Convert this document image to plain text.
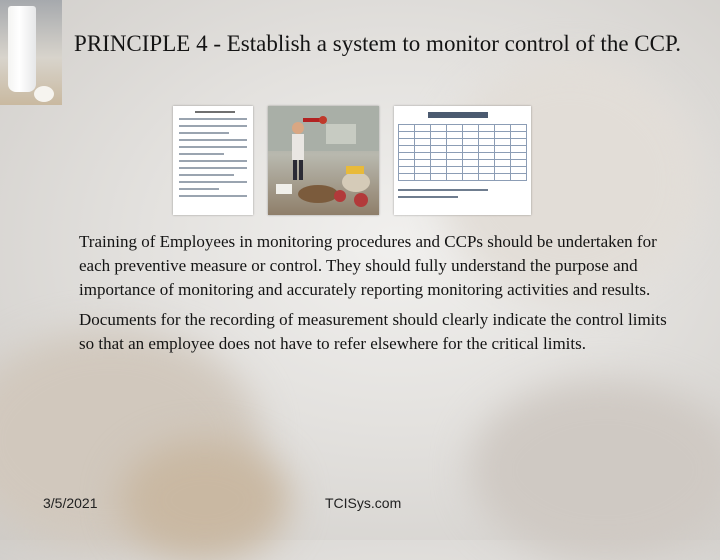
PRINCIPLE 4 - Establish a system to monitor control of the CCP.

Training of Employees in monitoring procedures and CCPs should be undertaken for each preventive measure or control. They should fully understand the purpose and importance of monitoring and accurately reporting monitoring activities and results.

Documents for the recording of measurement should clearly indicate the control limits so that an employee does not have to refer elsewhere for the critical limits.

3/5/2021	TCISys.com
